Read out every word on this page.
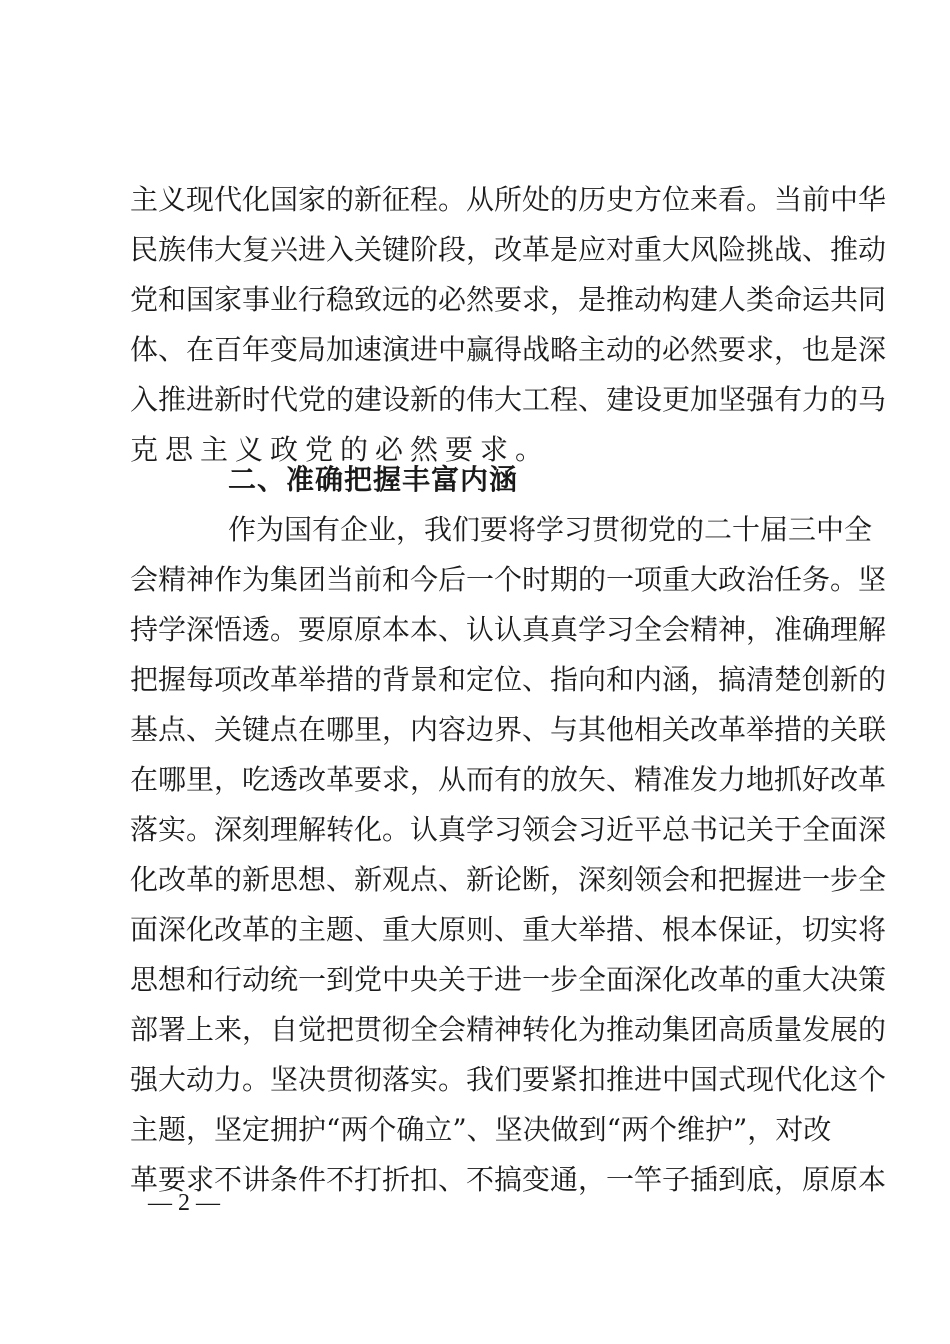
主义现代化国家的新征程。从所处的历史方位来看。当前中华
民族伟大复兴进入关键阶段，改革是应对重大风险挑战、推动
党和国家事业行稳致远的必然要求，是推动构建人类命运共同
体、在百年变局加速演进中赢得战略主动的必然要求，也是深
入推进新时代党的建设新的伟大工程、建设更加坚强有力的马
克思主义政党的必然要求。
二、准确把握丰富内涵
作为国有企业，我们要将学习贯彻党的二十届三中全
会精神作为集团当前和今后一个时期的一项重大政治任务。坚
持学深悟透。要原原本本、认认真真学习全会精神，准确理解
把握每项改革举措的背景和定位、指向和内涵，搞清楚创新的
基点、关键点在哪里，内容边界、与其他相关改革举措的关联
在哪里，吃透改革要求，从而有的放矢、精准发力地抓好改革
落实。深刻理解转化。认真学习领会习近平总书记关于全面深
化改革的新思想、新观点、新论断，深刻领会和把握进一步全
面深化改革的主题、重大原则、重大举措、根本保证，切实将
思想和行动统一到党中央关于进一步全面深化改革的重大决策
部署上来，自觉把贯彻全会精神转化为推动集团高质量发展的
强大动力。坚决贯彻落实。我们要紧扣推进中国式现代化这个
主题，坚定拥护“两个确立”、坚决做到“两个维护”，对改
革要求不讲条件不打折扣、不搞变通，一竿子插到底，原原本
— 2 —
